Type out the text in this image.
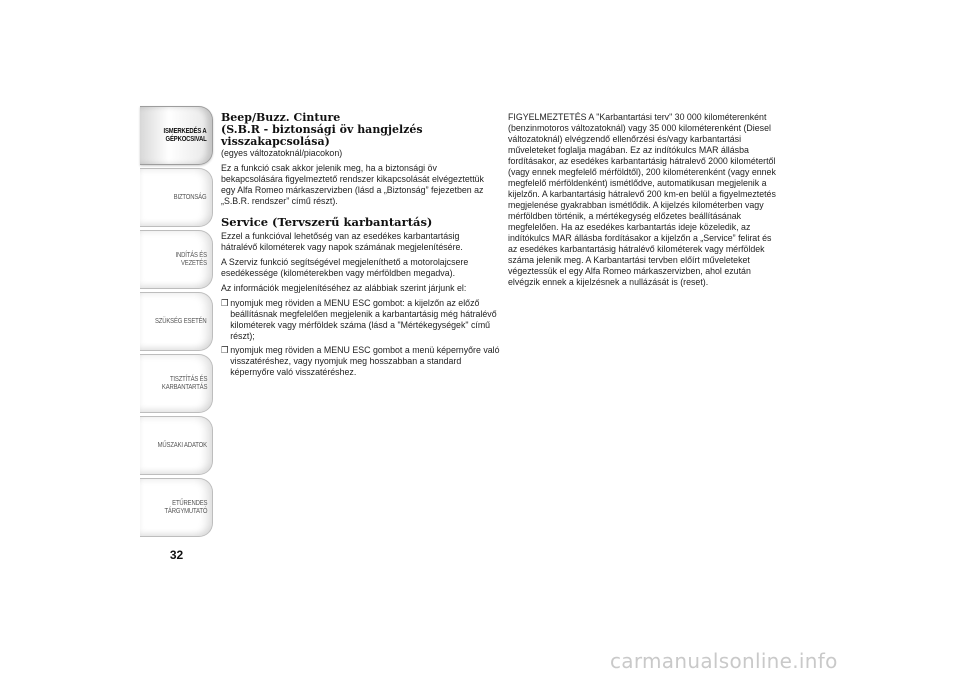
ISMERKEDÉS A
GÉPKOCSIVAL
BIZTONSÁG
INDÍTÁS ÉS VEZETÉS
SZÜKSÉG ESETÉN
TISZTÍTÁS ÉS
KARBANTARTÁS
MŰSZAKI ADATOK
ETŰRENDES
TÁRGYMUTATÓ
32
Beep/Buzz. Cinture
(S.B.R - biztonsági öv hangjelzés visszakapcsolása)

(egyes változatoknál/piacokon)

Ez a funkció csak akkor jelenik meg, ha a biztonsági öv bekapcsolására figyelmeztető rendszer kikapcsolását elvégeztettük egy Alfa Romeo márkaszervizben (lásd a „Biztonság” fejezetben az „S.B.R. rendszer” című részt).

Service (Tervszerű karbantartás)

Ezzel a funkcióval lehetőség van az esedékes karbantartásig hátralévő kilométerek vagy napok számának megjelenítésére.

A Szerviz funkció segítségével megjeleníthető a motorolajcsere esedékessége (kilométerekben vagy mérföldben megadva).

Az információk megjelenítéséhez az alábbiak szerint járjunk el:

❒ nyomjuk meg röviden a MENU ESC gombot: a kijelzőn az előző beállításnak megfelelően megjelenik a karbantartásig még hátralévő kilométerek vagy mérföldek száma (lásd a "Mértékegységek" című részt);
❒ nyomjuk meg röviden a MENU ESC gombot a menü képernyőre való visszatéréshez, vagy nyomjuk meg hosszabban a standard képernyőre való visszatéréshez.

FIGYELMEZTETÉS A "Karbantartási terv" 30 000 kilométerenként (benzinmotoros változatoknál) vagy 35 000 kilométerenként (Diesel változatoknál) elvégzendő ellenőrzési és/vagy karbantartási műveleteket foglalja magában. Ez az indítókulcs MAR állásba fordításakor, az esedékes karbantartásig hátralevő 2000 kilométertől (vagy ennek megfelelő mérföldtől), 200 kilométerenként (vagy ennek megfelelő mérföldenként) ismétlődve, automatikusan megjelenik a kijelzőn. A karbantartásig hátralevő 200 km-en belül a figyelmeztetés megjelenése gyakrabban ismétlődik. A kijelzés kilométerben vagy mérföldben történik, a mértékegység előzetes beállításának megfelelően. Ha az esedékes karbantartás ideje közeledik, az indítókulcs MAR állásba fordításakor a kijelzőn a „Service” felirat és az esedékes karbantartásig hátralévő kilométerek vagy mérföldek száma jelenik meg. A Karbantartási tervben előírt műveleteket végeztessük el egy Alfa Romeo márkaszervizben, ahol ezután elvégzik ennek a kijelzésnek a nullázását is (reset).

carmanualsonline.info
